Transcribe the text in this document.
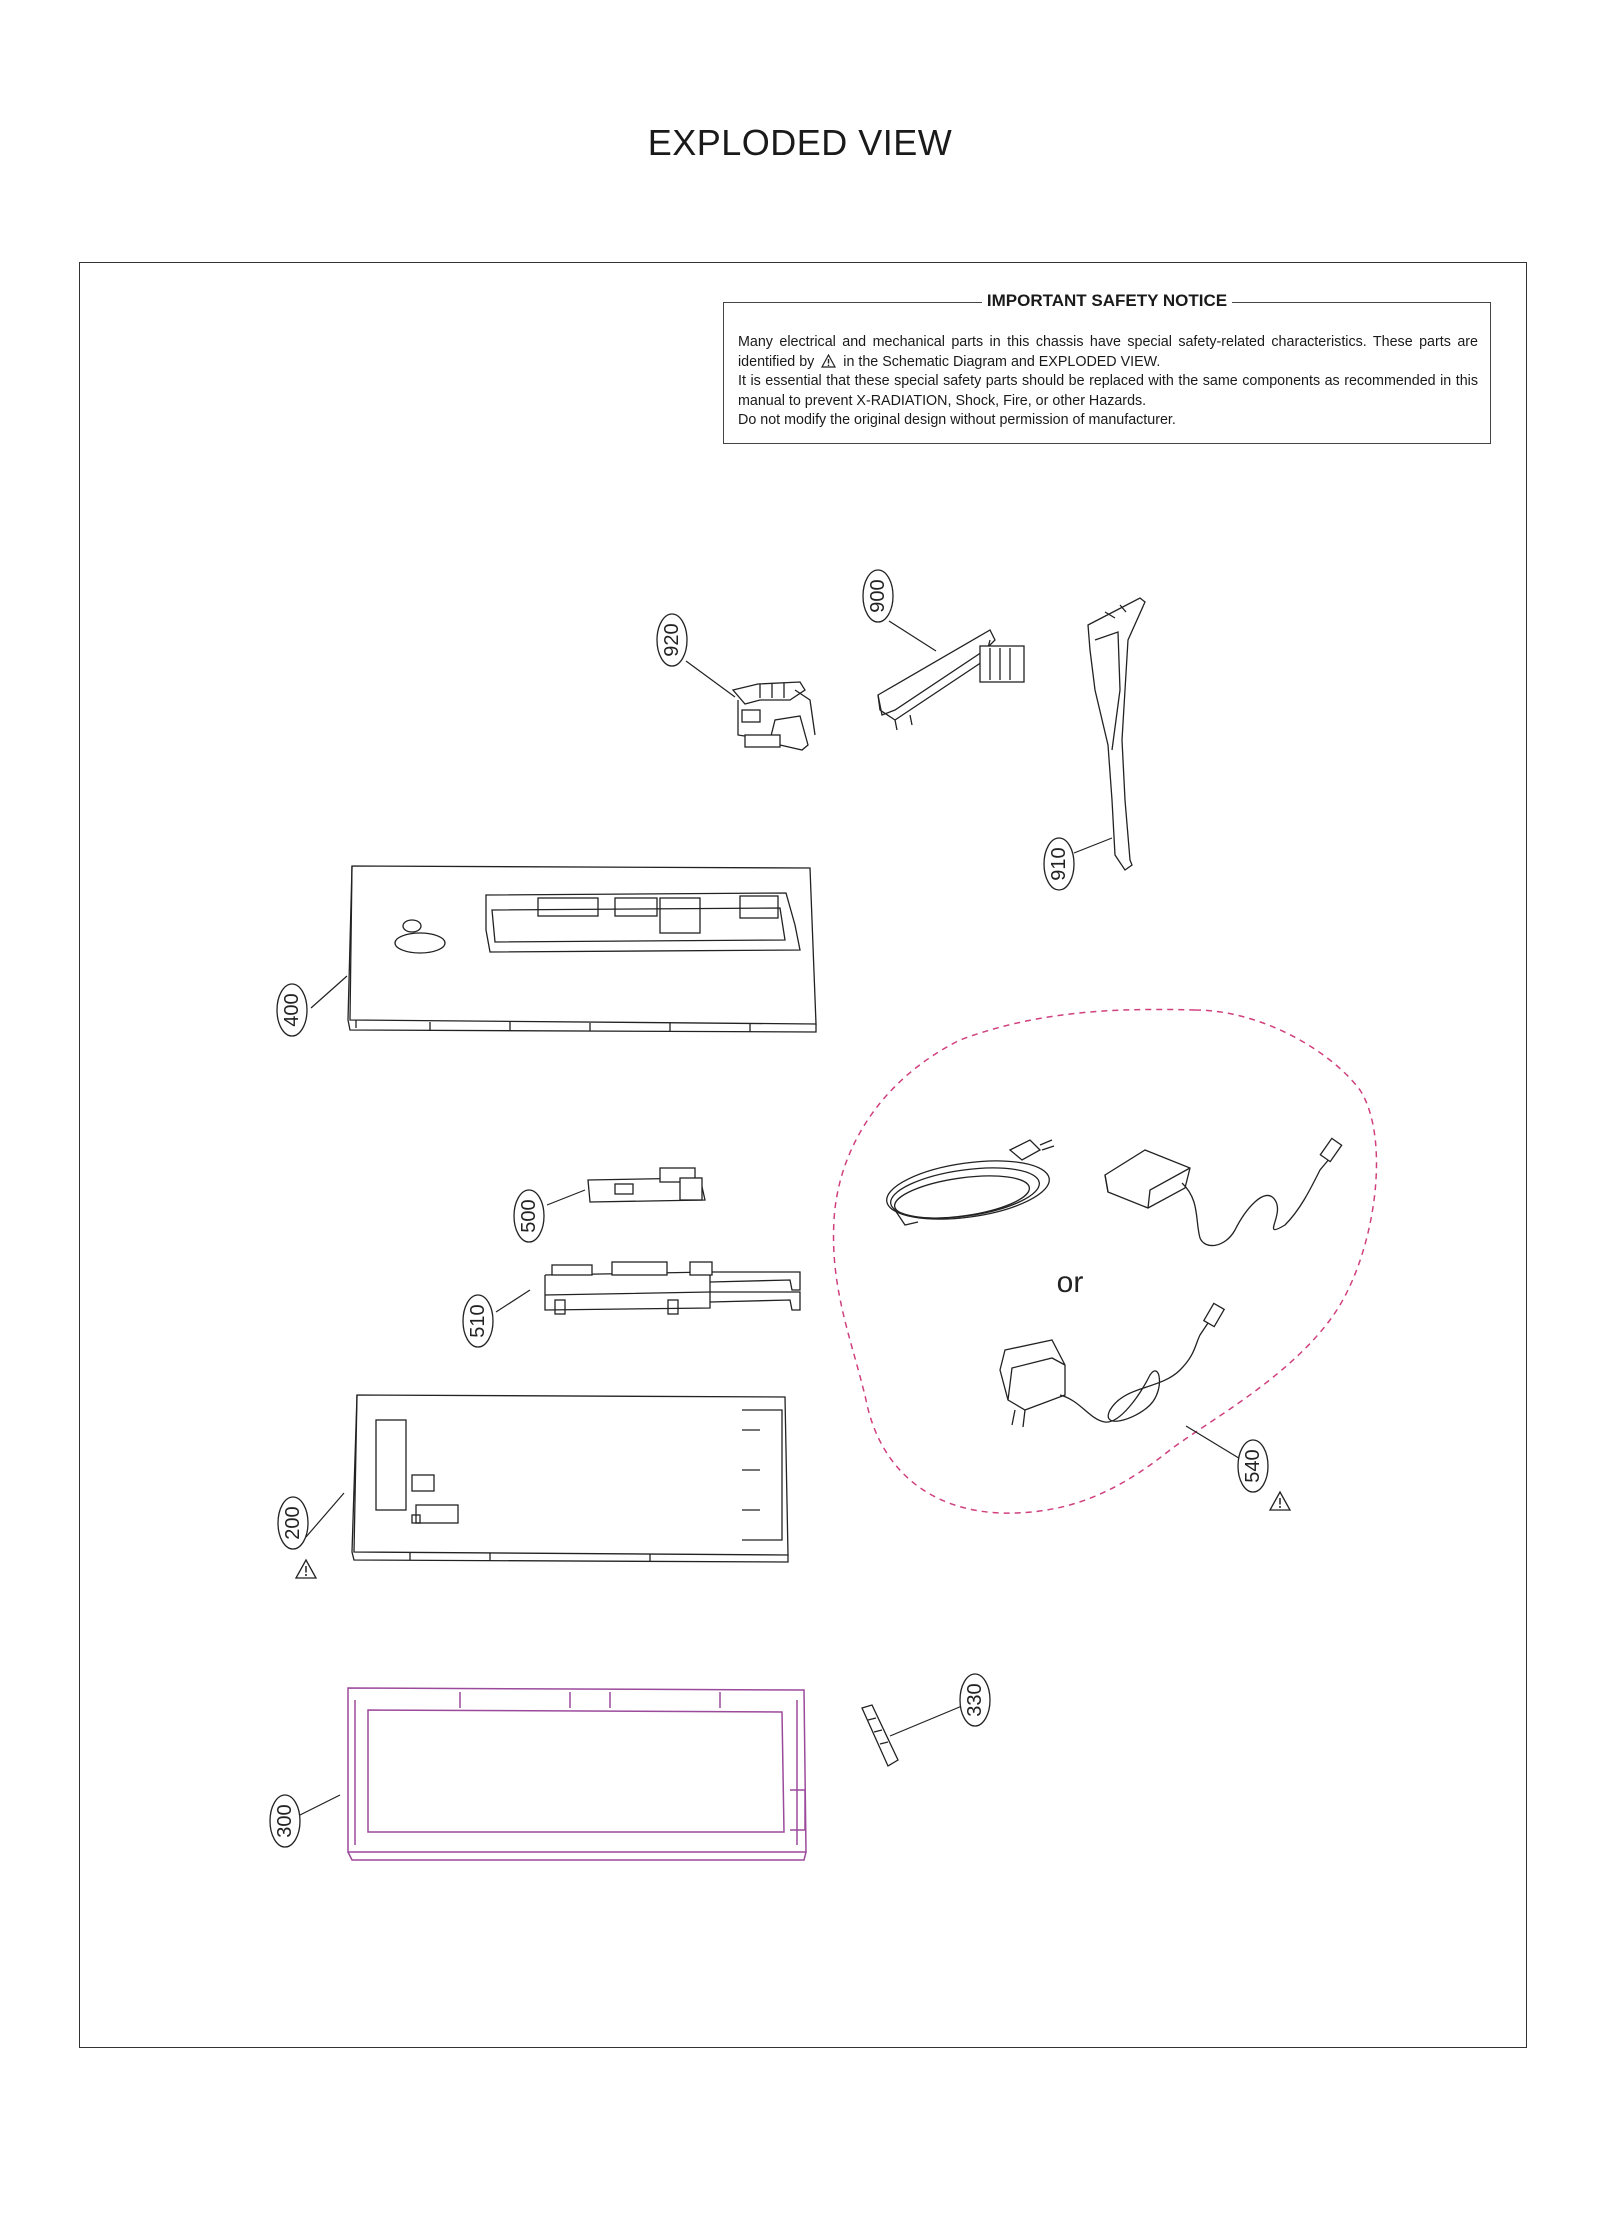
EXPLODED VIEW
IMPORTANT SAFETY NOTICE

Many electrical and mechanical parts in this chassis have special safety-related characteristics. These parts are identified by in the Schematic Diagram and EXPLODED VIEW.

It is essential that these special safety parts should be replaced with the same components as recommended in this manual to prevent X-RADIATION, Shock, Fire, or other Hazards.

Do not modify the original design without permission of manufacturer.

920
900
910
400
500
510
200
300
330
or
540
